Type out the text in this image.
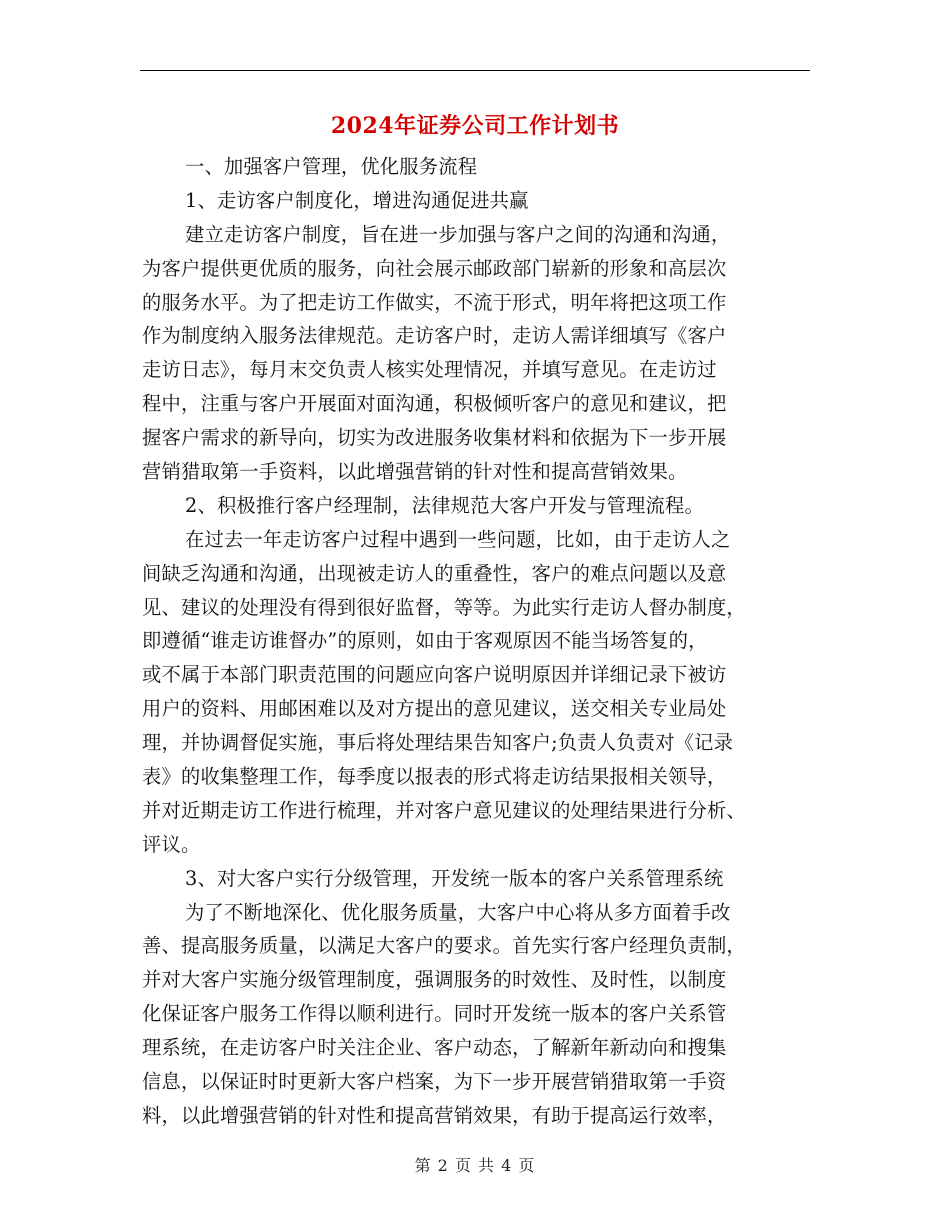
2024年证券公司工作计划书
一、加强客户管理，优化服务流程
1、走访客户制度化，增进沟通促进共赢
建立走访客户制度，旨在进一步加强与客户之间的沟通和沟通，
为客户提供更优质的服务，向社会展示邮政部门崭新的形象和高层次
的服务水平。为了把走访工作做实，不流于形式，明年将把这项工作
作为制度纳入服务法律规范。走访客户时，走访人需详细填写《客户
走访日志》，每月末交负责人核实处理情况，并填写意见。在走访过
程中，注重与客户开展面对面沟通，积极倾听客户的意见和建议，把
握客户需求的新导向，切实为改进服务收集材料和依据为下一步开展
营销猎取第一手资料，以此增强营销的针对性和提高营销效果。
2、积极推行客户经理制，法律规范大客户开发与管理流程。
在过去一年走访客户过程中遇到一些问题，比如，由于走访人之
间缺乏沟通和沟通，出现被走访人的重叠性，客户的难点问题以及意
见、建议的处理没有得到很好监督，等等。为此实行走访人督办制度，
即遵循“谁走访谁督办”的原则，如由于客观原因不能当场答复的，
或不属于本部门职责范围的问题应向客户说明原因并详细记录下被访
用户的资料、用邮困难以及对方提出的意见建议，送交相关专业局处
理，并协调督促实施，事后将处理结果告知客户;负责人负责对《记录
表》的收集整理工作，每季度以报表的形式将走访结果报相关领导，
并对近期走访工作进行梳理，并对客户意见建议的处理结果进行分析、
评议。
3、对大客户实行分级管理，开发统一版本的客户关系管理系统
为了不断地深化、优化服务质量，大客户中心将从多方面着手改
善、提高服务质量，以满足大客户的要求。首先实行客户经理负责制，
并对大客户实施分级管理制度，强调服务的时效性、及时性，以制度
化保证客户服务工作得以顺利进行。同时开发统一版本的客户关系管
理系统，在走访客户时关注企业、客户动态，了解新年新动向和搜集
信息，以保证时时更新大客户档案，为下一步开展营销猎取第一手资
料，以此增强营销的针对性和提高营销效果，有助于提高运行效率，
第 2 页 共 4 页
